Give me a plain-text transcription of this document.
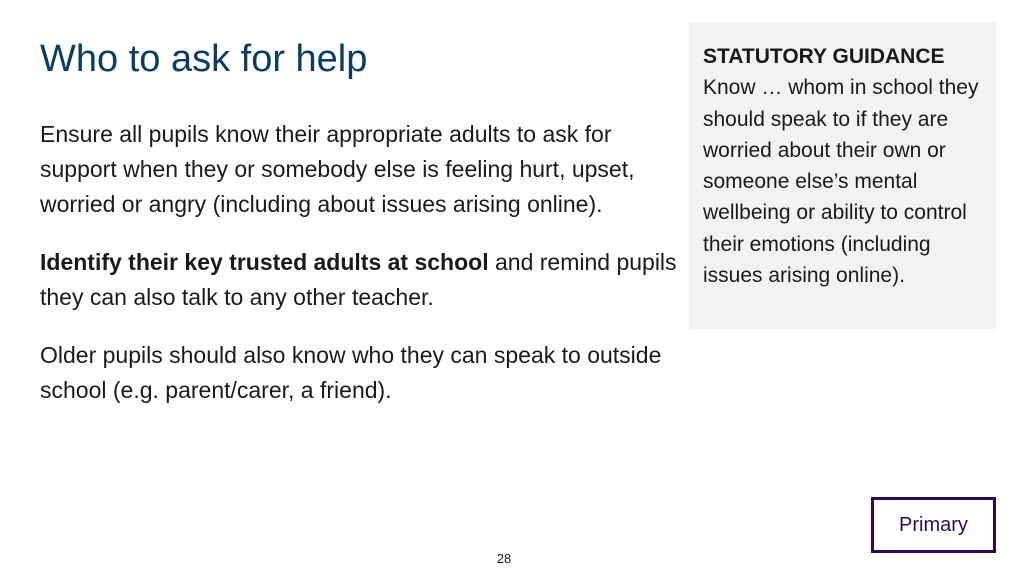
Who to ask for help

Ensure all pupils know their appropriate adults to ask for support when they or somebody else is feeling hurt, upset, worried or angry (including about issues arising online).

Identify their key trusted adults at school and remind pupils they can also talk to any other teacher.

Older pupils should also know who they can speak to outside school (e.g. parent/carer, a friend).

STATUTORY GUIDANCE
Know … whom in school they should speak to if they are worried about their own or someone else’s mental wellbeing or ability to control their emotions (including issues arising online).
Primary
28
